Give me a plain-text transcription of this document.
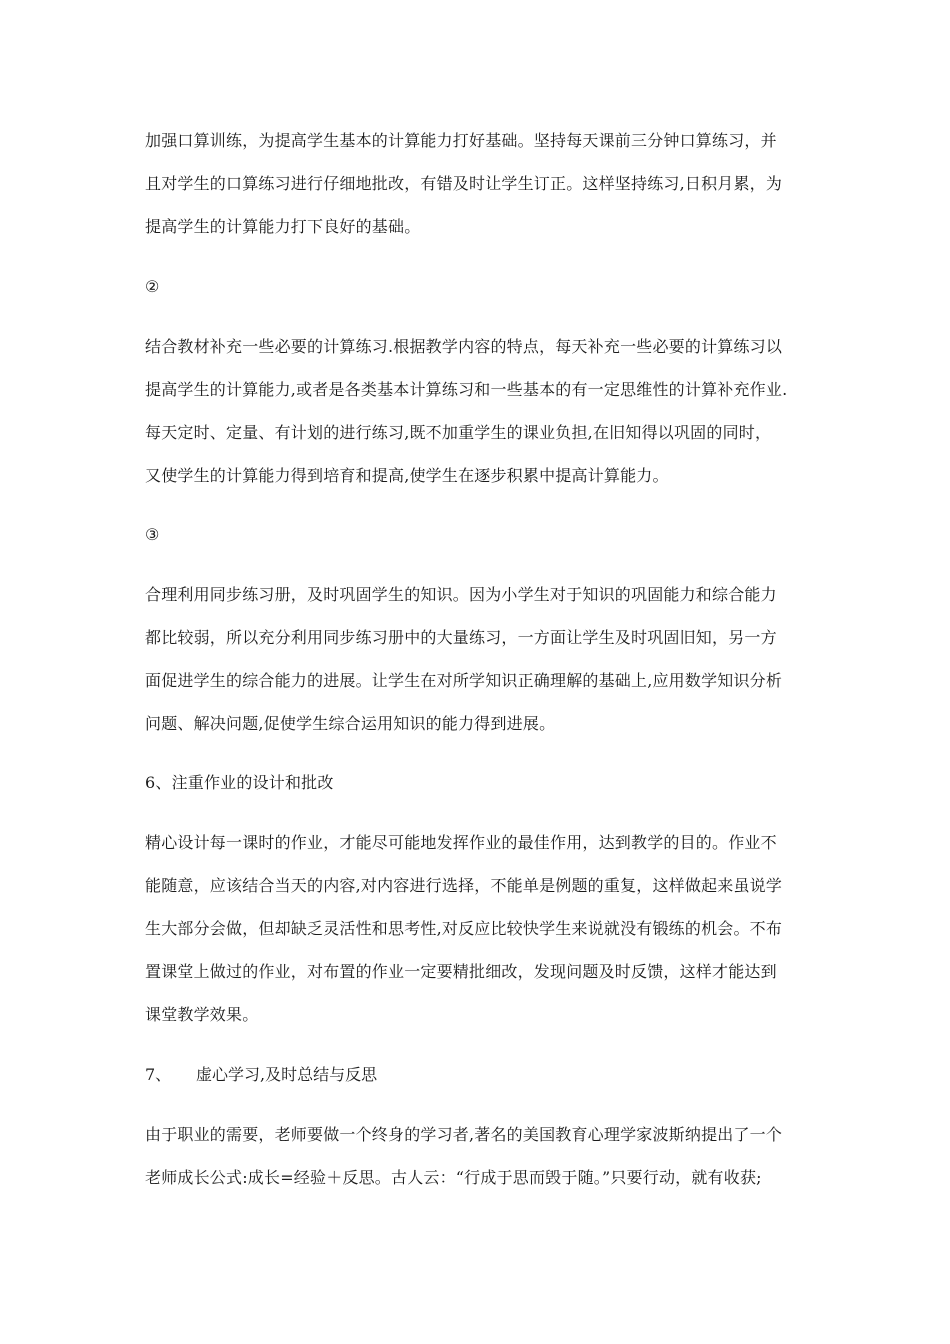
加强口算训练，为提高学生基本的计算能力打好基础。坚持每天课前三分钟口算练习，并
且对学生的口算练习进行仔细地批改，有错及时让学生订正。这样坚持练习,日积月累，为
提高学生的计算能力打下良好的基础。
②
结合教材补充一些必要的计算练习.根据教学内容的特点，每天补充一些必要的计算练习以
提高学生的计算能力,或者是各类基本计算练习和一些基本的有一定思维性的计算补充作业.
每天定时、定量、有计划的进行练习,既不加重学生的课业负担,在旧知得以巩固的同时，
又使学生的计算能力得到培育和提高,使学生在逐步积累中提高计算能力。
③
合理利用同步练习册，及时巩固学生的知识。因为小学生对于知识的巩固能力和综合能力
都比较弱，所以充分利用同步练习册中的大量练习，一方面让学生及时巩固旧知，另一方
面促进学生的综合能力的进展。让学生在对所学知识正确理解的基础上,应用数学知识分析
问题、解决问题,促使学生综合运用知识的能力得到进展。
6、注重作业的设计和批改
精心设计每一课时的作业，才能尽可能地发挥作业的最佳作用，达到教学的目的。作业不
能随意，应该结合当天的内容,对内容进行选择，不能单是例题的重复，这样做起来虽说学
生大部分会做，但却缺乏灵活性和思考性,对反应比较快学生来说就没有锻练的机会。不布
置课堂上做过的作业，对布置的作业一定要精批细改，发现问题及时反馈，这样才能达到
课堂教学效果。
7、 虚心学习,及时总结与反思
由于职业的需要，老师要做一个终身的学习者,著名的美国教育心理学家波斯纳提出了一个
老师成长公式:成长=经验＋反思。古人云：“行成于思而毁于随。”只要行动，就有收获;
